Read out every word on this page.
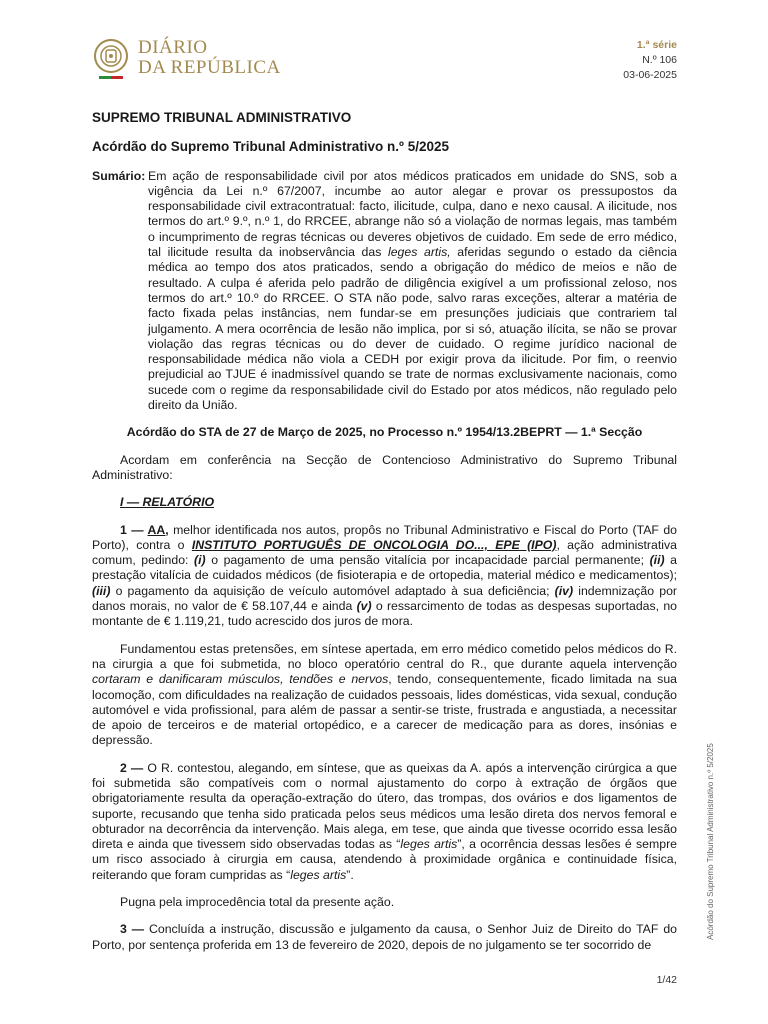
DIÁRIO
DA REPÚBLICA
1.ª série
N.º 106
03-06-2025
SUPREMO TRIBUNAL ADMINISTRATIVO
Acórdão do Supremo Tribunal Administrativo n.º 5/2025
Sumário: Em ação de responsabilidade civil por atos médicos praticados em unidade do SNS, sob a vigência da Lei n.º 67/2007, incumbe ao autor alegar e provar os pressupostos da responsabilidade civil extracontratual: facto, ilicitude, culpa, dano e nexo causal. A ilicitude, nos termos do art.º 9.º, n.º 1, do RRCEE, abrange não só a violação de normas legais, mas também o incumprimento de regras técnicas ou deveres objetivos de cuidado. Em sede de erro médico, tal ilicitude resulta da inobservância das leges artis, aferidas segundo o estado da ciência médica ao tempo dos atos praticados, sendo a obrigação do médico de meios e não de resultado. A culpa é aferida pelo padrão de diligência exigível a um profissional zeloso, nos termos do art.º 10.º do RRCEE. O STA não pode, salvo raras exceções, alterar a matéria de facto fixada pelas instâncias, nem fundar-se em presunções judiciais que contrariem tal julgamento. A mera ocorrência de lesão não implica, por si só, atuação ilícita, se não se provar violação das regras técnicas ou do dever de cuidado. O regime jurídico nacional de responsabilidade médica não viola a CEDH por exigir prova da ilicitude. Por fim, o reenvio prejudicial ao TJUE é inadmissível quando se trate de normas exclusivamente nacionais, como sucede com o regime da responsabilidade civil do Estado por atos médicos, não regulado pelo direito da União.
Acórdão do STA de 27 de Março de 2025, no Processo n.º 1954/13.2BEPRT — 1.ª Secção

Acordam em conferência na Secção de Contencioso Administrativo do Supremo Tribunal Administrativo:

I — RELATÓRIO

1 — AA, melhor identificada nos autos, propôs no Tribunal Administrativo e Fiscal do Porto (TAF do Porto), contra o INSTITUTO PORTUGUÊS DE ONCOLOGIA DO..., EPE (IPO), ação administrativa comum, pedindo: (i) o pagamento de uma pensão vitalícia por incapacidade parcial permanente; (ii) a prestação vitalícia de cuidados médicos (de fisioterapia e de ortopedia, material médico e medicamentos); (iii) o pagamento da aquisição de veículo automóvel adaptado à sua deficiência; (iv) indemnização por danos morais, no valor de € 58.107,44 e ainda (v) o ressarcimento de todas as despesas suportadas, no montante de € 1.119,21, tudo acrescido dos juros de mora.

Fundamentou estas pretensões, em síntese apertada, em erro médico cometido pelos médicos do R. na cirurgia a que foi submetida, no bloco operatório central do R., que durante aquela intervenção cortaram e danificaram músculos, tendões e nervos, tendo, consequentemente, ficado limitada na sua locomoção, com dificuldades na realização de cuidados pessoais, lides domésticas, vida sexual, condução automóvel e vida profissional, para além de passar a sentir-se triste, frustrada e angustiada, a necessitar de apoio de terceiros e de material ortopédico, e a carecer de medicação para as dores, insónias e depressão.

2 — O R. contestou, alegando, em síntese, que as queixas da A. após a intervenção cirúrgica a que foi submetida são compatíveis com o normal ajustamento do corpo à extração de órgãos que obrigatoriamente resulta da operação-extração do útero, das trompas, dos ovários e dos ligamentos de suporte, recusando que tenha sido praticada pelos seus médicos uma lesão direta dos nervos femoral e obturador na decorrência da intervenção. Mais alega, em tese, que ainda que tivesse ocorrido essa lesão direta e ainda que tivessem sido observadas todas as “leges artis”, a ocorrência dessas lesões é sempre um risco associado à cirurgia em causa, atendendo à proximidade orgânica e continuidade física, reiterando que foram cumpridas as “leges artis”.

Pugna pela improcedência total da presente ação.

3 — Concluída a instrução, discussão e julgamento da causa, o Senhor Juiz de Direito do TAF do Porto, por sentença proferida em 13 de fevereiro de 2020, depois de no julgamento se ter socorrido de

Acórdão do Supremo Tribunal Administrativo n.º 5/2025
1/42
